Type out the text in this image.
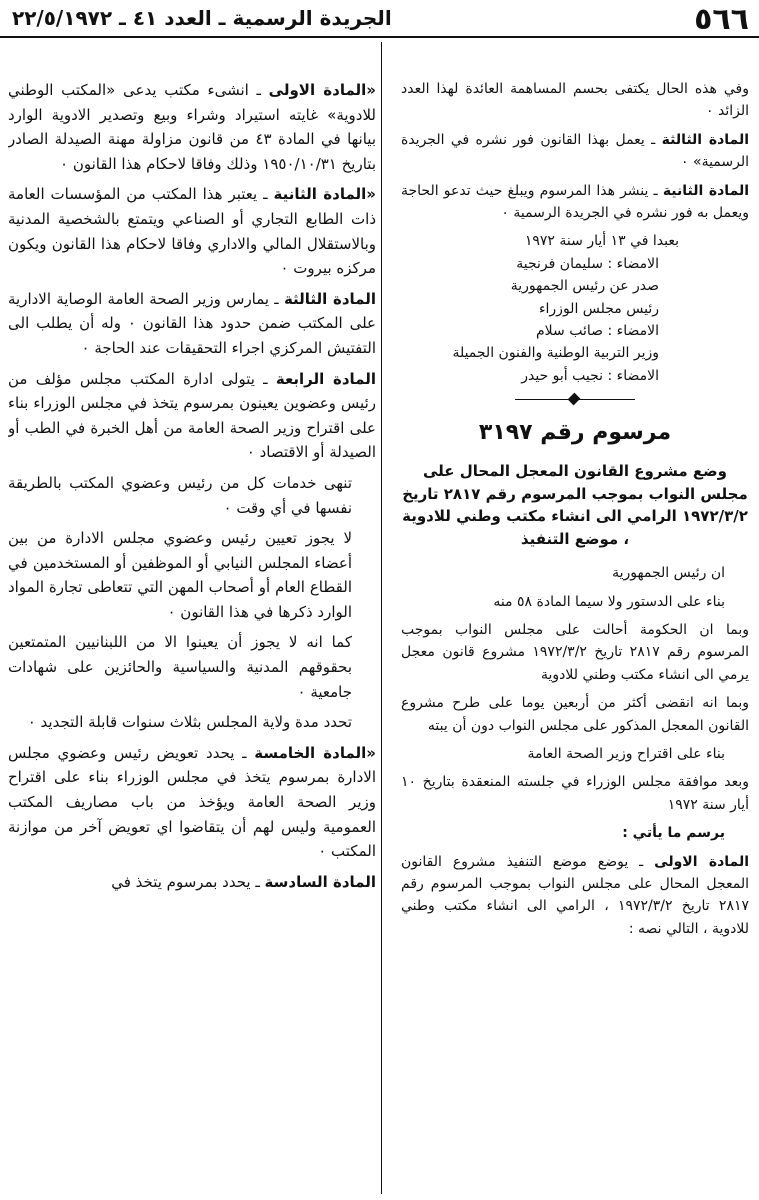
٥٦٦
الجريدة الرسمية ـ العدد ٤١ ـ ٢٢/٥/١٩٧٢

وفي هذه الحال يكتفى بحسم المساهمة العائدة لهذا العدد الزائد ٠

المادة الثالثة ـ يعمل بهذا القانون فور نشره في الجريدة الرسمية» ٠

المادة الثانية ـ ينشر هذا المرسوم ويبلغ حيث تدعو الحاجة ويعمل به فور نشره في الجريدة الرسمية ٠

بعبدا في ١٣ أيار سنة ١٩٧٢

الامضاء : سليمان فرنجية

صدر عن رئيس الجمهورية

رئيس مجلس الوزراء

الامضاء : صائب سلام

وزير التربية الوطنية والفنون الجميلة

الامضاء : نجيب أبو حيدر

مرسوم رقم ٣١٩٧
وضع مشروع القانون المعجل المحال على مجلس النواب بموجب المرسوم رقم ٢٨١٧ تاريخ ١٩٧٢/٣/٢ الرامي الى انشاء مكتب وطني للادوية ، موضع التنفيذ

ان رئيس الجمهورية

بناء على الدستور ولا سيما المادة ٥٨ منه

وبما ان الحكومة أحالت على مجلس النواب بموجب المرسوم رقم ٢٨١٧ تاريخ ١٩٧٢/٣/٢ مشروع قانون معجل يرمي الى انشاء مكتب وطني للادوية

وبما انه انقضى أكثر من أربعين يوما على طرح مشروع القانون المعجل المذكور على مجلس النواب دون أن يبته

بناء على اقتراح وزير الصحة العامة

وبعد موافقة مجلس الوزراء في جلسته المنعقدة بتاريخ ١٠ أيار سنة ١٩٧٢

يرسم ما يأتي :

المادة الاولى ـ يوضع موضع التنفيذ مشروع القانون المعجل المحال على مجلس النواب بموجب المرسوم رقم ٢٨١٧ تاريخ ١٩٧٢/٣/٢ ، الرامي الى انشاء مكتب وطني للادوية ، التالي نصه :

«المادة الاولى ـ انشىء مكتب يدعى «المكتب الوطني للادوية» غايته استيراد وشراء وبيع وتصدير الادوية الوارد بيانها في المادة ٤٣ من قانون مزاولة مهنة الصيدلة الصادر بتاريخ ١٩٥٠/١٠/٣١ وذلك وفاقا لاحكام هذا القانون ٠

«المادة الثانية ـ يعتبر هذا المكتب من المؤسسات العامة ذات الطابع التجاري أو الصناعي ويتمتع بالشخصية المدنية وبالاستقلال المالي والاداري وفاقا لاحكام هذا القانون ويكون مركزه بيروت ٠

المادة الثالثة ـ يمارس وزير الصحة العامة الوصاية الادارية على المكتب ضمن حدود هذا القانون ٠ وله أن يطلب الى التفتيش المركزي اجراء التحقيقات عند الحاجة ٠

المادة الرابعة ـ يتولى ادارة المكتب مجلس مؤلف من رئيس وعضوين يعينون بمرسوم يتخذ في مجلس الوزراء بناء على اقتراح وزير الصحة العامة من أهل الخبرة في الطب أو الصيدلة أو الاقتصاد ٠

تنهى خدمات كل من رئيس وعضوي المكتب بالطريقة نفسها في أي وقت ٠

لا يجوز تعيين رئيس وعضوي مجلس الادارة من بين أعضاء المجلس النيابي أو الموظفين أو المستخدمين في القطاع العام أو أصحاب المهن التي تتعاطى تجارة المواد الوارد ذكرها في هذا القانون ٠

كما انه لا يجوز أن يعينوا الا من اللبنانيين المتمتعين بحقوقهم المدنية والسياسية والحائزين على شهادات جامعية ٠

تحدد مدة ولاية المجلس بثلاث سنوات قابلة التجديد ٠

«المادة الخامسة ـ يحدد تعويض رئيس وعضوي مجلس الادارة بمرسوم يتخذ في مجلس الوزراء بناء على اقتراح وزير الصحة العامة ويؤخذ من باب مصاريف المكتب العمومية وليس لهم أن يتقاضوا اي تعويض آخر من موازنة المكتب ٠

المادة السادسة ـ يحدد بمرسوم يتخذ في
